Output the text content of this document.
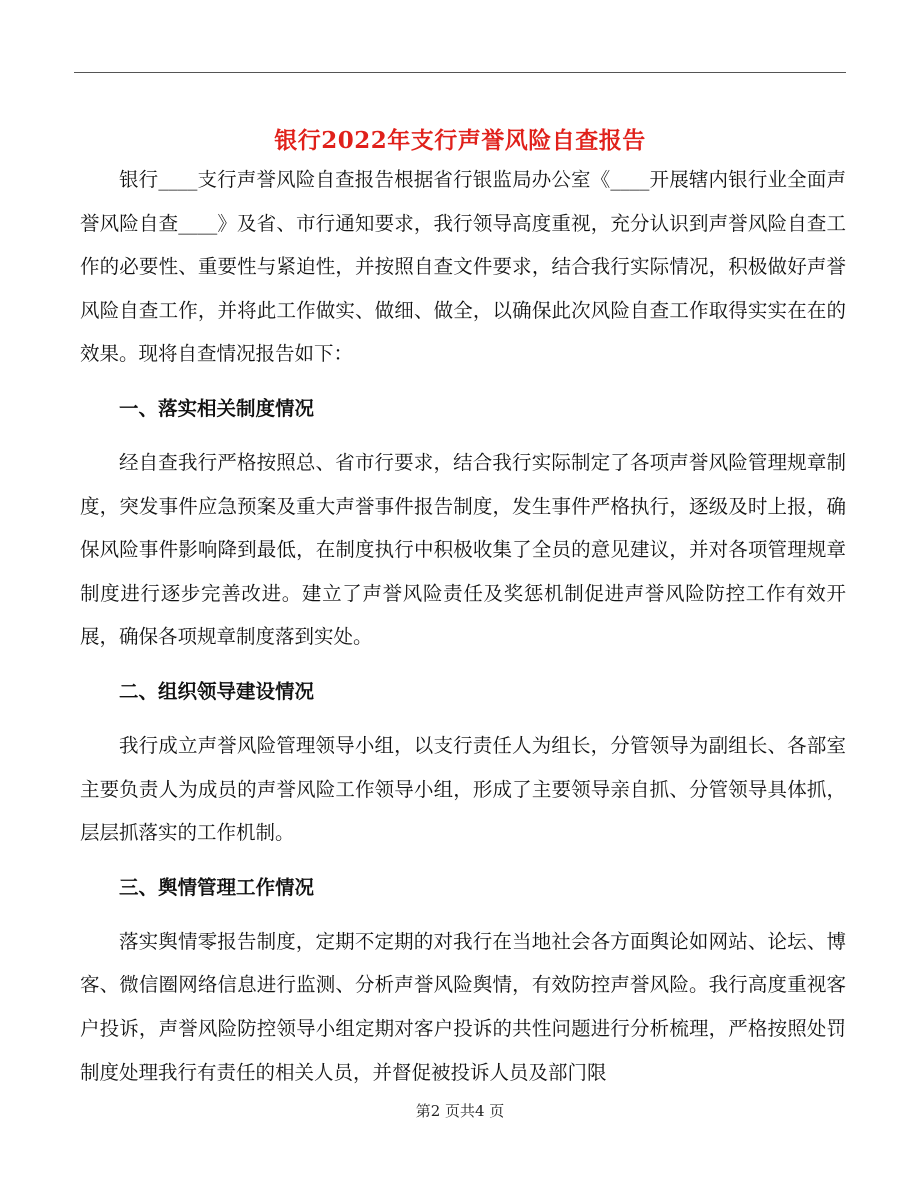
银行2022年支行声誉风险自查报告

银行____支行声誉风险自查报告根据省行银监局办公室《____开展辖内银行业全面声誉风险自查____》及省、市行通知要求，我行领导高度重视，充分认识到声誉风险自查工作的必要性、重要性与紧迫性，并按照自查文件要求，结合我行实际情况，积极做好声誉风险自查工作，并将此工作做实、做细、做全，以确保此次风险自查工作取得实实在在的效果。现将自查情况报告如下：

一、落实相关制度情况

经自查我行严格按照总、省市行要求，结合我行实际制定了各项声誉风险管理规章制度，突发事件应急预案及重大声誉事件报告制度，发生事件严格执行，逐级及时上报，确保风险事件影响降到最低，在制度执行中积极收集了全员的意见建议，并对各项管理规章制度进行逐步完善改进。建立了声誉风险责任及奖惩机制促进声誉风险防控工作有效开展，确保各项规章制度落到实处。

二、组织领导建设情况

我行成立声誉风险管理领导小组，以支行责任人为组长，分管领导为副组长、各部室主要负责人为成员的声誉风险工作领导小组，形成了主要领导亲自抓、分管领导具体抓，层层抓落实的工作机制。

三、舆情管理工作情况

落实舆情零报告制度，定期不定期的对我行在当地社会各方面舆论如网站、论坛、博客、微信圈网络信息进行监测、分析声誉风险舆情，有效防控声誉风险。我行高度重视客户投诉，声誉风险防控领导小组定期对客户投诉的共性问题进行分析梳理，严格按照处罚制度处理我行有责任的相关人员，并督促被投诉人员及部门限

第2 页共4 页
